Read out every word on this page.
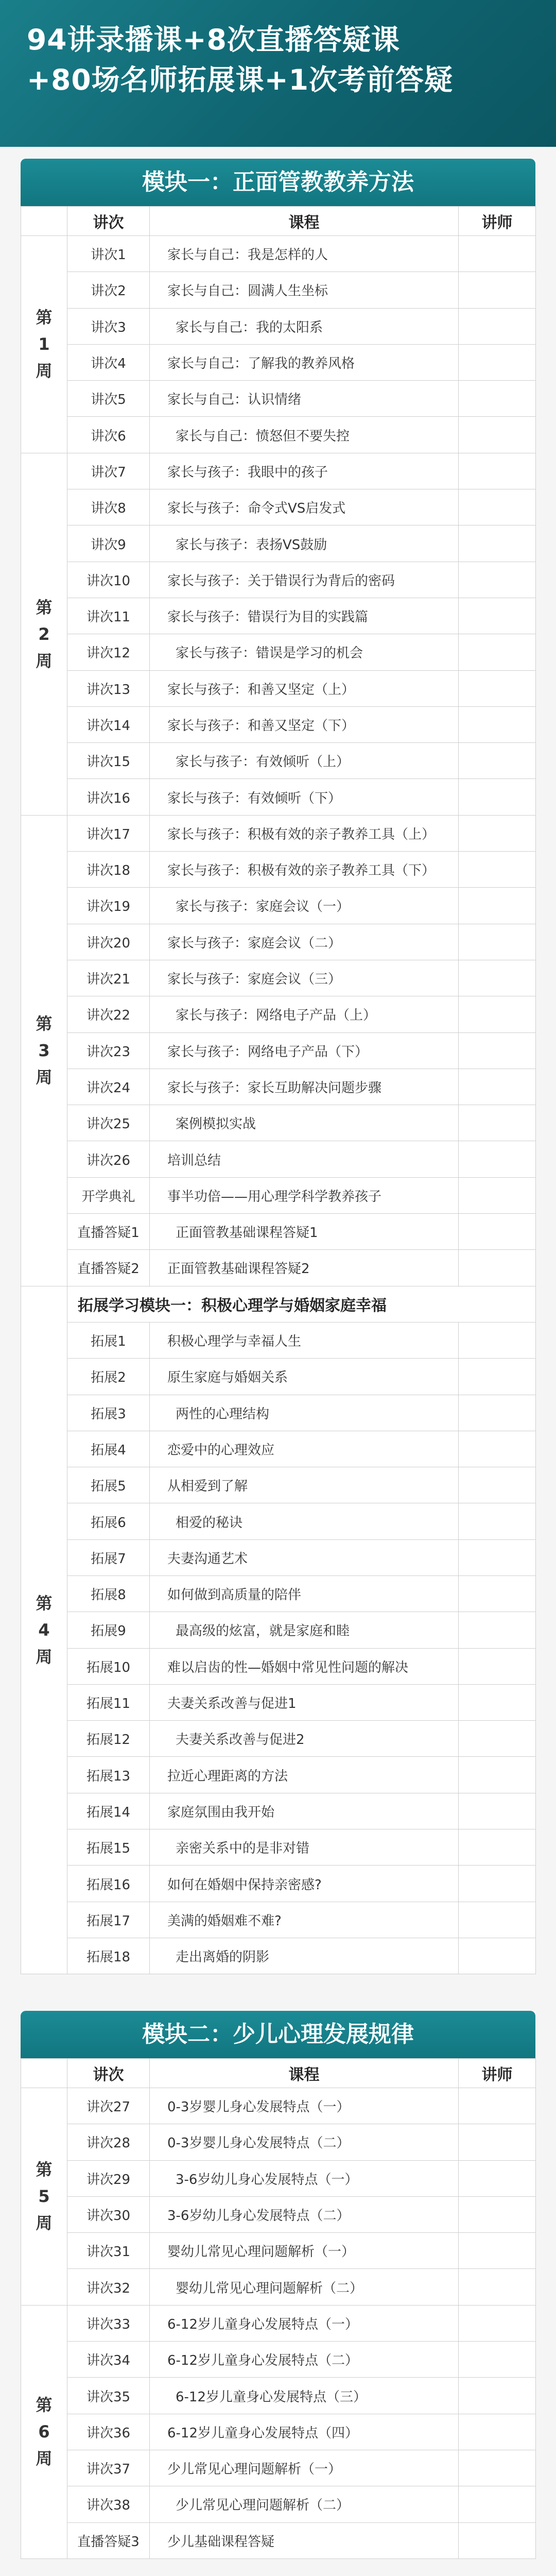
94讲录播课+8次直播答疑课
+80场名师拓展课+1次考前答疑
模块一：正面管教教养方法
	讲次	课程	讲师

第
1
周	讲次1	家长与自己：我是怎样的人	
	讲次2	家长与自己：圆满人生坐标	
	讲次3	家长与自己：我的太阳系	
	讲次4	家长与自己：了解我的教养风格	
	讲次5	家长与自己：认识情绪	
	讲次6	家长与自己：愤怒但不要失控	

第
2
周	讲次7	家长与孩子：我眼中的孩子	
	讲次8	家长与孩子：命令式VS启发式	
	讲次9	家长与孩子：表扬VS鼓励	
	讲次10	家长与孩子：关于错误行为背后的密码	
	讲次11	家长与孩子：错误行为目的实践篇	
	讲次12	家长与孩子：错误是学习的机会	
	讲次13	家长与孩子：和善又坚定（上）	
	讲次14	家长与孩子：和善又坚定（下）	
	讲次15	家长与孩子：有效倾听（上）	
	讲次16	家长与孩子：有效倾听（下）	

第
3
周	讲次17	家长与孩子：积极有效的亲子教养工具（上）	
	讲次18	家长与孩子：积极有效的亲子教养工具（下）	
	讲次19	家长与孩子：家庭会议（一）	
	讲次20	家长与孩子：家庭会议（二）	
	讲次21	家长与孩子：家庭会议（三）	
	讲次22	家长与孩子：网络电子产品（上）	
	讲次23	家长与孩子：网络电子产品（下）	
	讲次24	家长与孩子：家长互助解决问题步骤	
	讲次25	案例模拟实战	
	讲次26	培训总结	
	开学典礼	事半功倍——用心理学科学教养孩子	
	直播答疑1	正面管教基础课程答疑1	
	直播答疑2	正面管教基础课程答疑2	

第
4
周	拓展学习模块一：积极心理学与婚姻家庭幸福		
	拓展1	积极心理学与幸福人生	
	拓展2	原生家庭与婚姻关系	
	拓展3	两性的心理结构	
	拓展4	恋爱中的心理效应	
	拓展5	从相爱到了解	
	拓展6	相爱的秘诀	
	拓展7	夫妻沟通艺术	
	拓展8	如何做到高质量的陪伴	
	拓展9	最高级的炫富，就是家庭和睦	
	拓展10	难以启齿的性—婚姻中常见性问题的解决	
	拓展11	夫妻关系改善与促进1	
	拓展12	夫妻关系改善与促进2	
	拓展13	拉近心理距离的方法	
	拓展14	家庭氛围由我开始	
	拓展15	亲密关系中的是非对错	
	拓展16	如何在婚姻中保持亲密感?	
	拓展17	美满的婚姻难不难?	
	拓展18	走出离婚的阴影	
模块二：少儿心理发展规律
	讲次	课程	讲师

第
5
周	讲次27	0-3岁婴儿身心发展特点（一）	
	讲次28	0-3岁婴儿身心发展特点（二）	
	讲次29	3-6岁幼儿身心发展特点（一）	
	讲次30	3-6岁幼儿身心发展特点（二）	
	讲次31	婴幼儿常见心理问题解析（一）	
	讲次32	婴幼儿常见心理问题解析（二）	

第
6
周	讲次33	6-12岁儿童身心发展特点（一）	
	讲次34	6-12岁儿童身心发展特点（二）	
	讲次35	6-12岁儿童身心发展特点（三）	
	讲次36	6-12岁儿童身心发展特点（四）	
	讲次37	少儿常见心理问题解析（一）	
	讲次38	少儿常见心理问题解析（二）	
	直播答疑3	少儿基础课程答疑	
